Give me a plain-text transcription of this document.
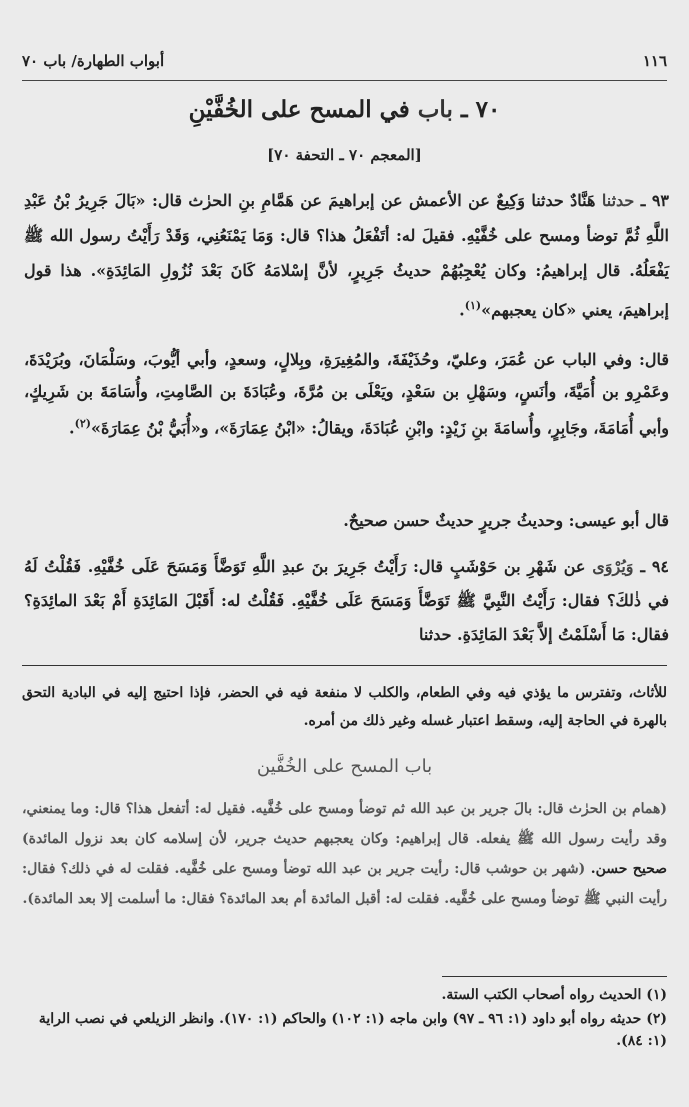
١١٦
أبواب الطهارة/ باب ٧٠
٧٠ ـ باب في المسح على الخُفَّيْنِ
[المعجم ٧٠ ـ التحفة ٧٠]
٩٣ ـ حدثنا هَنَّادٌ حدثنا وَكِيعٌ عن الأعمش عن إبراهيمَ عن هَمَّامِ بنِ الحرٰث قال: «بَالَ جَرِيرُ بْنُ عَبْدِ اللَّهِ ثُمَّ توضأ ومسح على خُفَّيْهِ. فقيلَ له: أتَفْعَلُ هذا؟ قال: وَمَا يَمْنَعُنِي، وَقَدْ رَأَيْتُ رسول الله ﷺ يَفْعَلُهُ. قال إبراهيمُ: وكان يُعْجِبُهُمْ حديثُ جَرِيرٍ، لأنَّ إسْلامَهُ كَانَ بَعْدَ نُزُولِ المَائِدَةِ». هذا قول إبراهيمَ، يعني «كان يعجبهم»$^{(١)}$.
قال: وفي الباب عن عُمَرَ، وعليّ، وحُذَيْفَةَ، والمُغِيرَةِ، وبِلالٍ، وسعدٍ، وأبي أيُّوبَ، وسَلْمَانَ، وبُرَيْدَةَ، وعَمْرِو بن أُمَيَّةَ، وأنَسٍ، وسَهْلِ بن سَعْدٍ، ويَعْلَى بن مُرَّةَ، وعُبَادَةَ بن الصَّامِتِ، وأُسَامَةَ بن شَرِيكٍ، وأبي أُمَامَةَ، وجَابِرٍ، وأُسامَةَ بنِ زَيْدٍ: وابْنِ عُبَادَةَ، ويقالُ: «ابْنُ عِمَارَةَ»، و«أُبَيُّ بْنُ عِمَارَةَ»$^{(٢)}$.
قال أبو عيسى: وحديثُ جريرٍ حديثٌ حسن صحيحٌ.
٩٤ ـ وَيُرْوَى عن شَهْرِ بن حَوْشَبٍ قال: رَأَيْتُ جَرِيرَ بنَ عبدِ اللَّهِ تَوَضَّأَ وَمَسَحَ عَلَى خُفَّيْهِ. فَقُلْتُ لَهُ في ذٰلكَ؟ فقال: رَأَيْتُ النَّبِيَّ ﷺ تَوَضَّأَ وَمَسَحَ عَلَى خُفَّيْهِ. فَقُلْتُ له: أَقَبْلَ المَائِدَةِ أَمْ بَعْدَ المائِدَةِ؟ فقال: مَا أَسْلَمْتُ إلاَّ بَعْدَ المَائِدَةِ. حدثنا
للأثاث، وتفترس ما يؤذي فيه وفي الطعام، والكلب لا منفعة فيه في الحضر، فإذا احتيج إليه في البادية التحق بالهرة في الحاجة إليه، وسقط اعتبار غسله وغير ذلك من أمره.
باب المسح على الخُفَّين
(همام بن الحرٰث قال: بالَ جرير بن عبد الله ثم توضأ ومسح على خُفَّيه. فقيل له: أتفعل هذا؟ قال: وما يمنعني، وقد رأيت رسول الله ﷺ يفعله. قال إبراهيم: وكان يعجبهم حديث جرير، لأن إسلامه كان بعد نزول المائدة) صحيح حسن. (شهر بن حوشب قال: رأيت جرير بن عبد الله توضأ ومسح على خُفَّيه. فقلت له في ذلك؟ فقال: رأيت النبي ﷺ توضأ ومسح على خُفَّيه. فقلت له: أقبل المائدة أم بعد المائدة؟ فقال: ما أسلمت إلا بعد المائدة).
(١) الحديث رواه أصحاب الكتب الستة.
(٢) حديثه رواه أبو داود (١: ٩٦ ـ ٩٧) وابن ماجه (١: ١٠٢) والحاكم (١: ١٧٠). وانظر الزيلعي في نصب الراية (١: ٨٤).
